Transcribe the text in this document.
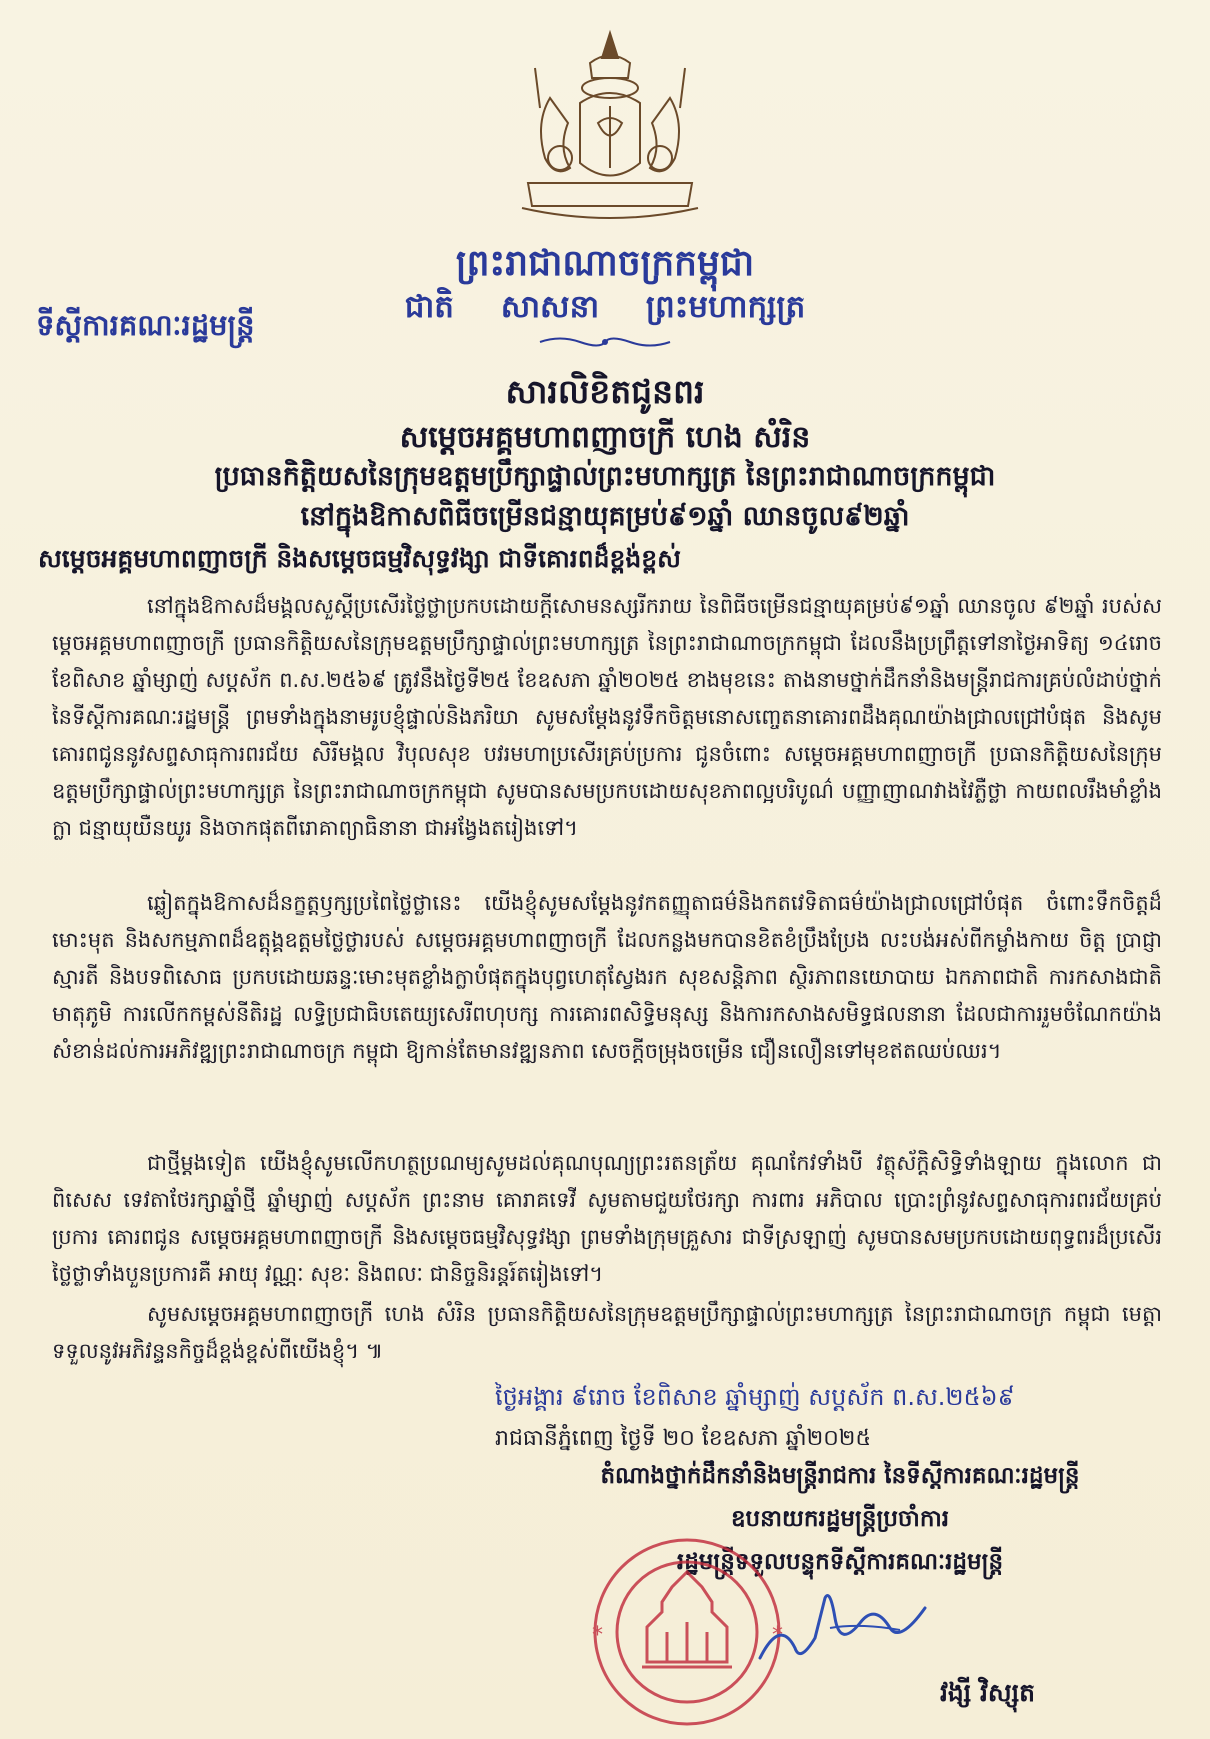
ព្រះរាជាណាចក្រកម្ពុជា
ជាតិ សាសនា ព្រះមហាក្សត្រ
ទីស្តីការគណៈរដ្ឋមន្ត្រី
សារលិខិតជូនពរ
សម្តេចអគ្គមហាពញាចក្រី ហេង សំរិន
ប្រធានកិត្តិយសនៃក្រុមឧត្តមប្រឹក្សាផ្ទាល់ព្រះមហាក្សត្រ នៃព្រះរាជាណាចក្រកម្ពុជា
នៅក្នុងឱកាសពិធីចម្រើនជន្មាយុគម្រប់៩១ឆ្នាំ ឈានចូល៩២ឆ្នាំ
សម្តេចអគ្គមហាពញាចក្រី និងសម្តេចធម្មវិសុទ្ធវង្សា ជាទីគោរពដ៏ខ្ពង់ខ្ពស់
នៅក្នុងឱកាសដ៏មង្គលសួស្តីប្រសើរថ្លៃថ្លាប្រកបដោយក្តីសោមនស្សរីករាយ នៃពិធីចម្រើនជន្មាយុគម្រប់៩១ឆ្នាំ ឈានចូល ៩២ឆ្នាំ របស់សម្តេចអគ្គមហាពញាចក្រី ប្រធានកិត្តិយសនៃក្រុមឧត្តមប្រឹក្សាផ្ទាល់ព្រះមហាក្សត្រ នៃព្រះរាជាណាចក្រកម្ពុជា ដែលនឹងប្រព្រឹត្តទៅនាថ្ងៃអាទិត្យ ១៤រោច ខែពិសាខ ឆ្នាំម្សាញ់ សប្តស័ក ព.ស.២៥៦៩ ត្រូវនឹងថ្ងៃទី២៥ ខែឧសភា ឆ្នាំ២០២៥ ខាងមុខនេះ តាងនាមថ្នាក់ដឹកនាំនិងមន្ត្រីរាជការគ្រប់លំដាប់ថ្នាក់ នៃទីស្តីការគណៈរដ្ឋមន្ត្រី ព្រមទាំងក្នុងនាមរូបខ្ញុំផ្ទាល់និងភរិយា សូមសម្តែងនូវទឹកចិត្តមនោសញ្ចេតនាគោរពដឹងគុណយ៉ាងជ្រាលជ្រៅបំផុត និងសូមគោរពជូននូវសព្ទសាធុការពរជ័យ សិរីមង្គល វិបុលសុខ បវរមហាប្រសើរគ្រប់ប្រការ ជូនចំពោះ សម្តេចអគ្គមហាពញាចក្រី ប្រធានកិត្តិយសនៃក្រុមឧត្តមប្រឹក្សាផ្ទាល់ព្រះមហាក្សត្រ នៃព្រះរាជាណាចក្រកម្ពុជា សូមបានសមប្រកបដោយសុខភាពល្អបរិបូណ៌ បញ្ញាញាណវាងវៃភ្លឺថ្លា កាយពលរឹងមាំខ្លាំងក្លា ជន្មាយុយឺនយូរ និងចាកផុតពីរោគាព្យាធិនានា ជាអង្វែងតរៀងទៅ។
ឆ្លៀតក្នុងឱកាសដ៏នក្ខត្តឫក្សប្រពៃថ្លៃថ្លានេះ យើងខ្ញុំសូមសម្តែងនូវកតញ្ញុតាធម៌និងកតវេទិតាធម៌យ៉ាងជ្រាលជ្រៅបំផុត ចំពោះទឹកចិត្តដ៏មោះមុត និងសកម្មភាពដ៏ឧត្តុង្គឧត្តមថ្លៃថ្លារបស់ សម្តេចអគ្គមហាពញាចក្រី ដែលកន្លងមកបានខិតខំប្រឹងប្រែង លះបង់អស់ពីកម្លាំងកាយ ចិត្ត ប្រាជ្ញា ស្មារតី និងបទពិសោធ ប្រកបដោយឆន្ទៈមោះមុតខ្លាំងក្លាបំផុតក្នុងបុព្វហេតុស្វែងរក សុខសន្តិភាព ស្ថិរភាពនយោបាយ ឯកភាពជាតិ ការកសាងជាតិមាតុភូមិ ការលើកកម្ពស់នីតិរដ្ឋ លទ្ធិប្រជាធិបតេយ្យសេរីពហុបក្ស ការគោរពសិទ្ធិមនុស្ស និងការកសាងសមិទ្ធផលនានា ដែលជាការរួមចំណែកយ៉ាងសំខាន់ដល់ការអភិវឌ្ឍព្រះរាជាណាចក្រ កម្ពុជា ឱ្យកាន់តែមានវឌ្ឍនភាព សេចក្តីចម្រុងចម្រើន ជឿនលឿនទៅមុខឥតឈប់ឈរ។
ជាថ្មីម្តងទៀត យើងខ្ញុំសូមលើកហត្ថប្រណម្យសូមដល់គុណបុណ្យព្រះរតនត្រ័យ គុណកែវទាំងបី វត្ថុស័ក្តិសិទ្ធិទាំងឡាយ ក្នុងលោក ជាពិសេស ទេវតាថែរក្សាឆ្នាំថ្មី ឆ្នាំម្សាញ់ សប្តស័ក ព្រះនាម គោរាគទេវី សូមតាមជួយថែរក្សា ការពារ អភិបាល ប្រោះព្រំនូវសព្ទសាធុការពរជ័យគ្រប់ប្រការ គោរពជូន សម្តេចអគ្គមហាពញាចក្រី និងសម្តេចធម្មវិសុទ្ធវង្សា ព្រមទាំងក្រុមគ្រួសារ ជាទីស្រឡាញ់ សូមបានសមប្រកបដោយពុទ្ធពរដ៏ប្រសើរថ្លៃថ្លាទាំងបួនប្រការគឺ អាយុ វណ្ណៈ សុខៈ និងពលៈ ជានិច្ចនិរន្តរ៍តរៀងទៅ។
សូមសម្តេចអគ្គមហាពញាចក្រី ហេង សំរិន ប្រធានកិត្តិយសនៃក្រុមឧត្តមប្រឹក្សាផ្ទាល់ព្រះមហាក្សត្រ នៃព្រះរាជាណាចក្រ កម្ពុជា មេត្តាទទួលនូវអភិវន្ទនកិច្ចដ៏ខ្ពង់ខ្ពស់ពីយើងខ្ញុំ។ ៕
ថ្ងៃអង្គារ ៩រោច ខែពិសាខ ឆ្នាំម្សាញ់ សប្តស័ក ព.ស.២៥៦៩
រាជធានីភ្នំពេញ ថ្ងៃទី ២០ ខែឧសភា ឆ្នាំ២០២៥
តំណាងថ្នាក់ដឹកនាំនិងមន្ត្រីរាជការ នៃទីស្តីការគណៈរដ្ឋមន្ត្រី
ឧបនាយករដ្ឋមន្ត្រីប្រចាំការ
រដ្ឋមន្ត្រីទទួលបន្ទុកទីស្តីការគណៈរដ្ឋមន្ត្រី
*	*
វង្សី វិស្សុត
